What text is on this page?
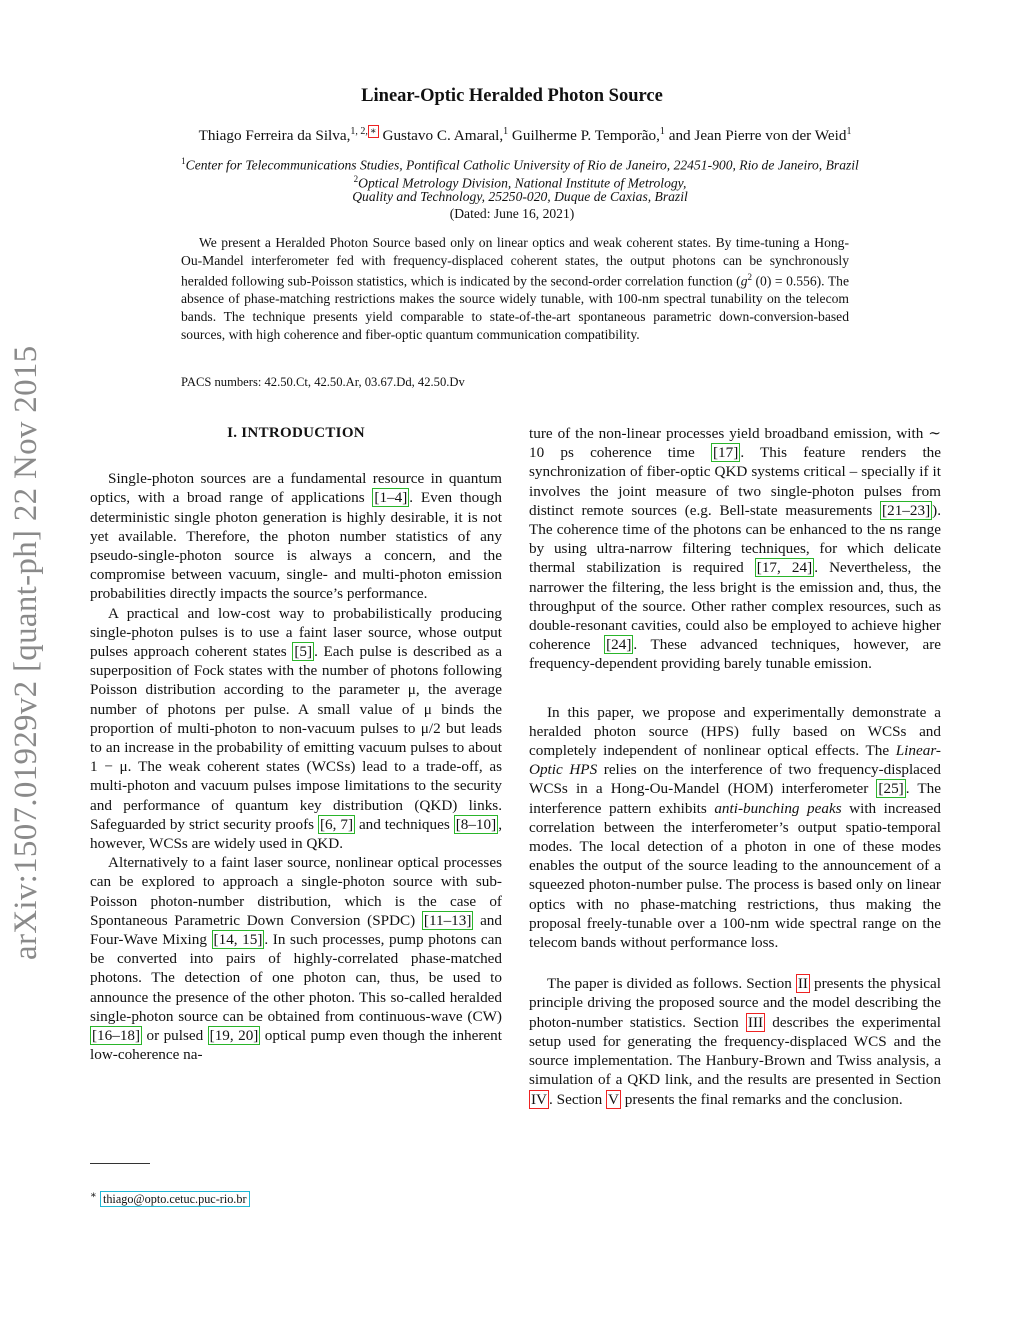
arXiv:1507.01929v2 [quant-ph] 22 Nov 2015
Linear-Optic Heralded Photon Source
Thiago Ferreira da Silva,$^{1, 2,}$ ∗ Gustavo C. Amaral,$^1$ Guilherme P. Temporão,$^1$ and Jean Pierre von der Weid$^1$
$^1$Center for Telecommunications Studies, Pontifical Catholic University of Rio de Janeiro, 22451-900, Rio de Janeiro, Brazil
$^2$Optical Metrology Division, National Institute of Metrology,
Quality and Technology, 25250-020, Duque de Caxias, Brazil
(Dated: June 16, 2021)
We present a Heralded Photon Source based only on linear optics and weak coherent states. By time-tuning a Hong-Ou-Mandel interferometer fed with frequency-displaced coherent states, the output photons can be synchronously heralded following sub-Poisson statistics, which is indicated by the second-order correlation function ($g^2$ (0) = 0.556). The absence of phase-matching restrictions makes the source widely tunable, with 100-nm spectral tunability on the telecom bands. The technique presents yield comparable to state-of-the-art spontaneous parametric down-conversion-based sources, with high coherence and fiber-optic quantum communication compatibility.
PACS numbers: 42.50.Ct, 42.50.Ar, 03.67.Dd, 42.50.Dv
I. INTRODUCTION

Single-photon sources are a fundamental resource in quantum optics, with a broad range of applications [1–4] . Even though deterministic single photon generation is highly desirable, it is not yet available. Therefore, the photon number statistics of any pseudo-single-photon source is always a concern, and the compromise between vacuum, single- and multi-photon emission probabilities directly impacts the source’s performance.

A practical and low-cost way to probabilistically producing single-photon pulses is to use a faint laser source, whose output pulses approach coherent states [5] . Each pulse is described as a superposition of Fock states with the number of photons following Poisson distribution according to the parameter μ, the average number of photons per pulse. A small value of μ binds the proportion of multi-photon to non-vacuum pulses to μ/2 but leads to an increase in the probability of emitting vacuum pulses to about 1 − μ. The weak coherent states (WCSs) lead to a trade-off, as multi-photon and vacuum pulses impose limitations to the security and performance of quantum key distribution (QKD) links. Safeguarded by strict security proofs [6, 7] and techniques [8–10] , however, WCSs are widely used in QKD.

Alternatively to a faint laser source, nonlinear optical processes can be explored to approach a single-photon source with sub-Poisson photon-number distribution, which is the case of Spontaneous Parametric Down Conversion (SPDC) [11–13] and Four-Wave Mixing [14, 15] . In such processes, pump photons can be converted into pairs of highly-correlated phase-matched photons. The detection of one photon can, thus, be used to announce the presence of the other photon. This so-called heralded single-photon source can be obtained from continuous-wave (CW) [16–18] or pulsed [19, 20] optical pump even though the inherent low-coherence na-

ture of the non-linear processes yield broadband emission, with ∼ 10 ps coherence time [17] . This feature renders the synchronization of fiber-optic QKD systems critical – specially if it involves the joint measure of two single-photon pulses from distinct remote sources (e.g. Bell-state measurements [21–23] ). The coherence time of the photons can be enhanced to the ns range by using ultra-narrow filtering techniques, for which delicate thermal stabilization is required [17, 24] . Nevertheless, the narrower the filtering, the less bright is the emission and, thus, the throughput of the source. Other rather complex resources, such as double-resonant cavities, could also be employed to achieve higher coherence [24] . These advanced techniques, however, are frequency-dependent providing barely tunable emission.

In this paper, we propose and experimentally demonstrate a heralded photon source (HPS) fully based on WCSs and completely independent of nonlinear optical effects. The Linear-Optic HPS relies on the interference of two frequency-displaced WCSs in a Hong-Ou-Mandel (HOM) interferometer [25] . The interference pattern exhibits anti-bunching peaks with increased correlation between the interferometer’s output spatio-temporal modes. The local detection of a photon in one of these modes enables the output of the source leading to the announcement of a squeezed photon-number pulse. The process is based only on linear optics with no phase-matching restrictions, thus making the proposal freely-tunable over a 100-nm wide spectral range on the telecom bands without performance loss.

The paper is divided as follows. Section II presents the physical principle driving the proposed source and the model describing the photon-number statistics. Section III describes the experimental setup used for generating the frequency-displaced WCS and the source implementation. The Hanbury-Brown and Twiss analysis, a simulation of a QKD link, and the results are presented in Section IV . Section V presents the final remarks and the conclusion.

∗ thiago@opto.cetuc.puc-rio.br
